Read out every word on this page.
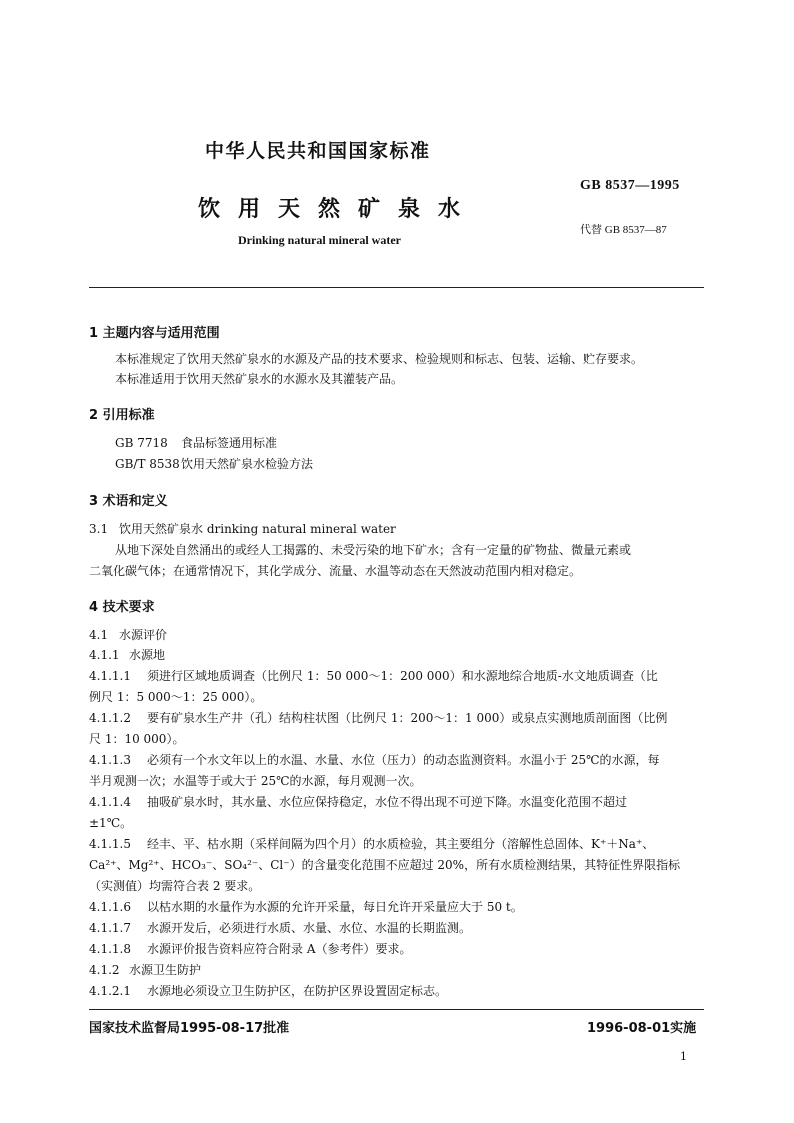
中华人民共和国国家标准
饮用天然矿泉水
Drinking natural mineral water
GB 8537—1995
代替 GB 8537—87
1 主题内容与适用范围
本标准规定了饮用天然矿泉水的水源及产品的技术要求、检验规则和标志、包装、运输、贮存要求。
本标准适用于饮用天然矿泉水的水源水及其灌装产品。
2 引用标准
GB 7718 食品标签通用标准
GB/T 8538饮用天然矿泉水检验方法
3 术语和定义
3.1 饮用天然矿泉水 drinking natural mineral water
从地下深处自然涌出的或经人工揭露的、未受污染的地下矿水；含有一定量的矿物盐、微量元素或
二氧化碳气体；在通常情况下，其化学成分、流量、水温等动态在天然波动范围内相对稳定。
4 技术要求
4.1 水源评价
4.1.1 水源地
4.1.1.1 须进行区域地质调查（比例尺 1：50 000～1：200 000）和水源地综合地质-水文地质调查（比
例尺 1：5 000～1：25 000）。
4.1.1.2 要有矿泉水生产井（孔）结构柱状图（比例尺 1：200～1：1 000）或泉点实测地质剖面图（比例
尺 1：10 000）。
4.1.1.3 必须有一个水文年以上的水温、水量、水位（压力）的动态监测资料。水温小于 25℃的水源，每
半月观测一次；水温等于或大于 25℃的水源，每月观测一次。
4.1.1.4 抽吸矿泉水时，其水量、水位应保持稳定，水位不得出现不可逆下降。水温变化范围不超过
±1℃。
4.1.1.5 经丰、平、枯水期（采样间隔为四个月）的水质检验，其主要组分（溶解性总固体、K⁺＋Na⁺、
Ca²⁺、Mg²⁺、HCO₃⁻、SO₄²⁻、Cl⁻）的含量变化范围不应超过 20%，所有水质检测结果，其特征性界限指标
（实测值）均需符合表 2 要求。
4.1.1.6 以枯水期的水量作为水源的允许开采量，每日允许开采量应大于 50 t。
4.1.1.7 水源开发后，必须进行水质、水量、水位、水温的长期监测。
4.1.1.8 水源评价报告资料应符合附录 A（参考件）要求。
4.1.2 水源卫生防护
4.1.2.1 水源地必须设立卫生防护区，在防护区界设置固定标志。
国家技术监督局1995-08-17批准	1996-08-01实施
1
